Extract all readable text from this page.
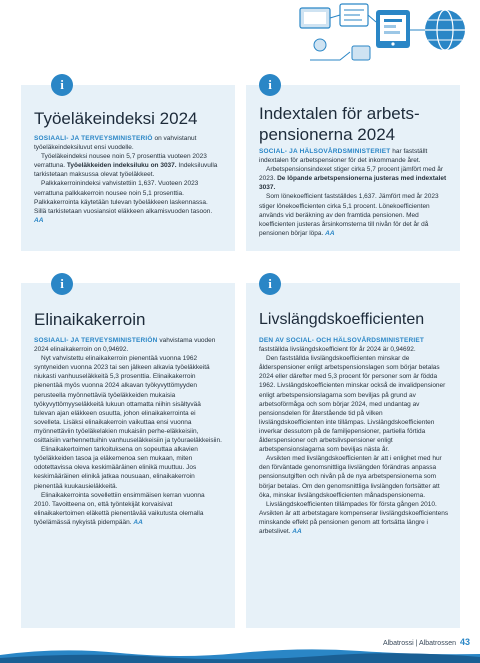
i
Työeläkeindeksi 2024

SOSIAALI- JA TERVEYSMINISTERIÖ on vahvistanut työeläkeindeksiluvut ensi vuodelle.

Työeläkeindeksi nousee noin 5,7 prosenttia vuoteen 2023 verrattuna. Työeläkkeiden indeksiluku on 3037. Indeksiluvulla tarkistetaan maksussa olevat työeläkkeet.

Palkkakerroinindeksi vahvistettiin 1,637. Vuoteen 2023 verrattuna palkkakerroin nousee noin 5,1 prosenttia. Palkkakerrointa käytetään tulevan työeläkkeen laskennassa. Sillä tarkistetaan vuosiansiot eläkkeen alkamisvuoden tasoon. AA

i
Indextalen för arbets-
pensionerna 2024

SOCIAL- JA HÄLSOVÅRDSMINISTERIET har fastställt indextalen för arbetspensioner för det inkommande året.

Arbetspensionsindexet stiger cirka 5,7 procent jämfört med år 2023. De löpande arbetspensionerna justeras med indextalet 3037.

Som lönekoefficient fastställdes 1,637. Jämfört med år 2023 stiger lönekoefficienten cirka 5,1 procent. Lönekoefficienten används vid beräkning av den framtida pensionen. Med koefficienten justeras årsinkomsterna till nivån för det år då pensionen börjar löpa. AA

i
Elinaikakerroin

SOSIAALI- JA TERVEYSMINISTERIÖN vahvistama vuoden 2024 elinaikakerroin on 0,94692.

Nyt vahvistettu elinaikakerroin pienentää vuonna 1962 syntyneiden vuonna 2023 tai sen jälkeen alkavia työeläkkeitä niukasti vanhuuseläkkeitä 5,3 prosenttia. Elinaikakerroin pienentää myös vuonna 2024 alkavan työkyvyttömyyden perusteella myönnettäviä työeläkkeiden mukaisia työkyvyttömyyseläkkeitä lukuun ottamatta niihin sisältyvää tulevan ajan eläkkeen osuutta, johon elinaikakerrointa ei sovelleta. Lisäksi elinaikakerroin vaikuttaa ensi vuonna myönnettäviin työeläkelakien mukaisiin perhe-eläkkeisiin, osittaisiin varhennettuihin vanhuuseläkkeisiin ja työuraeläkkeisiin.

Elinaikakertoimen tarkoituksena on sopeuttaa alkavien työeläkkeiden tasoa ja eläkemenoa sen mukaan, miten odotettavissa oleva keskimääräinen elinikä muuttuu. Jos keskimääräinen elinikä jatkaa nousuaan, elinaikakerroin pienentää kuukausieläkkeitä.

Elinaikakerrointa sovellettiin ensimmäisen kerran vuonna 2010. Tavoitteena on, että työntekijät korvaisivat elinaikakertoimen eläkettä pienentävää vaikutusta olemalla työelämässä nykyistä pidempään. AA

i
Livslängdskoefficienten

DEN AV SOCIAL- OCH HÄLSOVÅRDSMINISTERIET fastställda livslängdskoefficient för år 2024 är 0,94692.

Den fastställda livslängdskoefficienten minskar de ålderspensioner enligt arbetspensionslagen som börjar betalas 2024 eller därefter med 5,3 procent för personer som är födda 1962. Livslängdskoefficienten minskar också de invalidpensioner enligt arbetspensionslagarna som beviljas på grund av arbetsoförmåga och som börjar 2024, med undantag av pensionsdelen för återstående tid på vilken livslängdskoefficienten inte tillämpas. Livslängdskoefficienten inverkar dessutom på de familjepensioner, partiella förtida ålderspensioner och arbetslivspensioner enligt arbetspensionslagarna som beviljas nästa år.

Avsikten med livslängdskoefficienten är att i enlighet med hur den förväntade genomsnittliga livslängden förändras anpassa pensionsutgiften och nivån på de nya arbetspensionerna som börjar betalas. Om den genomsnittliga livslängden fortsätter att öka, minskar livslängdskoefficienten månadspensionerna.

Livslängdskoefficienten tillämpades för första gången 2010. Avsikten är att arbetstagare kompenserar livslängdskoefficientens minskande effekt på pensionen genom att fortsätta längre i arbetslivet. AA

Albatrossi | Albatrossen 43
